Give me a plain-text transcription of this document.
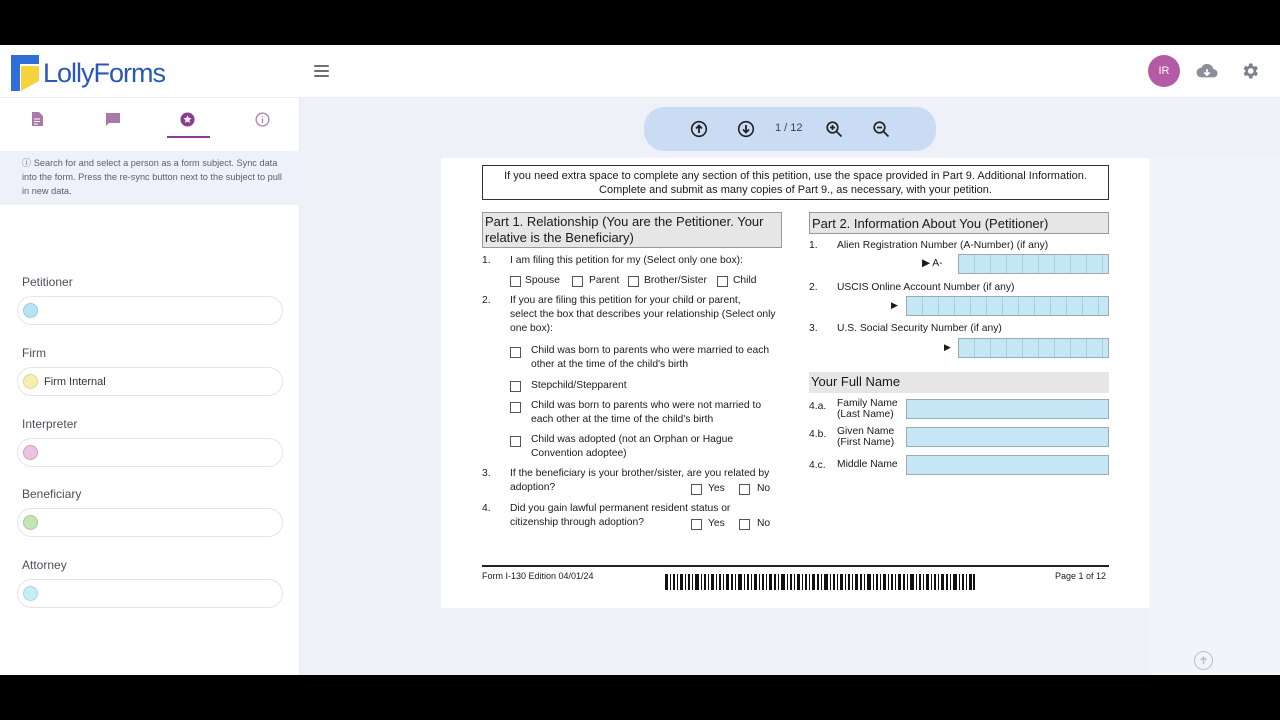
LollyForms	IR
ⓘ Search for and select a person as a form subject. Sync data into the form. Press the re-sync button next to the subject to pull in new data.
Petitioner
Firm
Firm Internal
Interpreter
Beneficiary
Attorney
1 / 12
If you need extra space to complete any section of this petition, use the space provided in Part 9. Additional Information.
Complete and submit as many copies of Part 9., as necessary, with your petition.
Part 1. Relationship (You are the Petitioner. Your
relative is the Beneficiary)
1. I am filing this petition for my (Select only one box):
Spouse	Parent Brother/Sister	Child
2. If you are filing this petition for your child or parent,
select the box that describes your relationship (Select only
one box):
Child was born to parents who were married to each
other at the time of the child's birth
Stepchild/Stepparent
Child was born to parents who were not married to
each other at the time of the child's birth
Child was adopted (not an Orphan or Hague
Convention adoptee)
3. If the beneficiary is your brother/sister, are you related by
adoption?	Yes	No
4. Did you gain lawful permanent resident status or
citizenship through adoption?	Yes	No
Part 2. Information About You (Petitioner)
1. Alien Registration Number (A-Number) (if any)
▶ A-
2. USCIS Online Account Number (if any)
▶
3. U.S. Social Security Number (if any)
▶
Your Full Name
4.a. Family Name
(Last Name)
4.b. Given Name
(First Name)
4.c. Middle Name
Form I-130 Edition 04/01/24	Page 1 of 12
